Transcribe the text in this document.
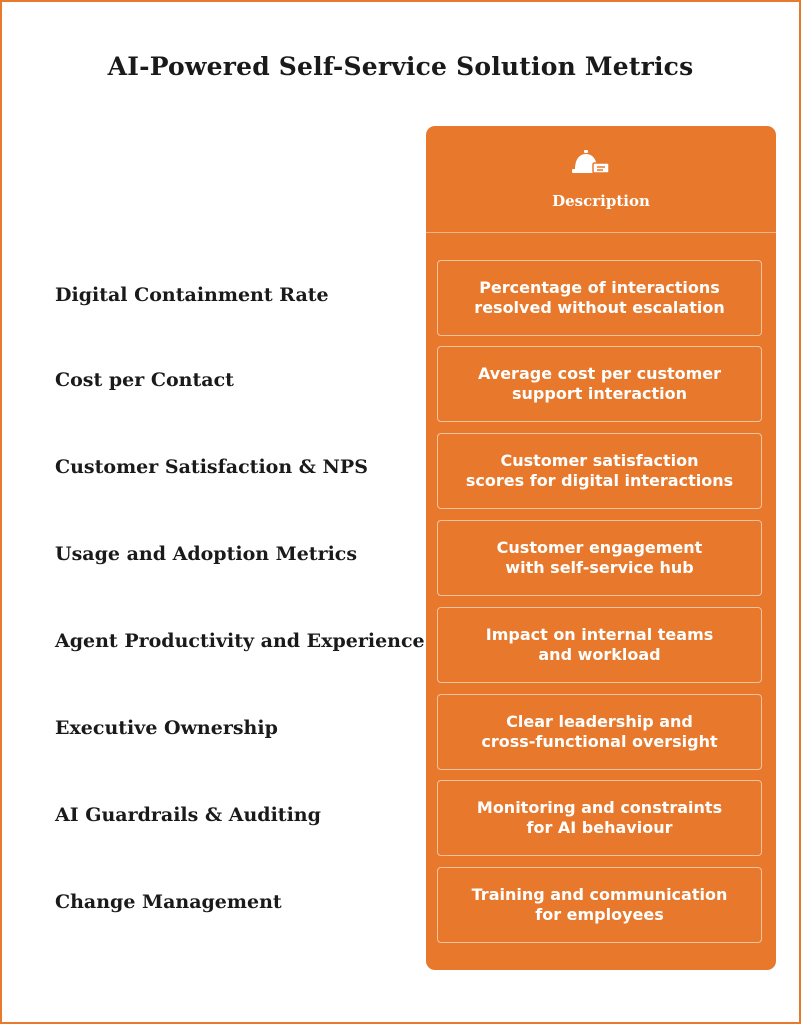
AI-Powered Self-Service Solution Metrics
Description
Digital Containment Rate	Percentage of interactions
resolved without escalation
Cost per Contact	Average cost per customer
support interaction
Customer Satisfaction & NPS	Customer satisfaction
scores for digital interactions
Usage and Adoption Metrics	Customer engagement
with self-service hub
Agent Productivity and Experience	Impact on internal teams
and workload
Executive Ownership	Clear leadership and
cross-functional oversight
AI Guardrails & Auditing	Monitoring and constraints
for AI behaviour
Change Management	Training and communication
for employees
